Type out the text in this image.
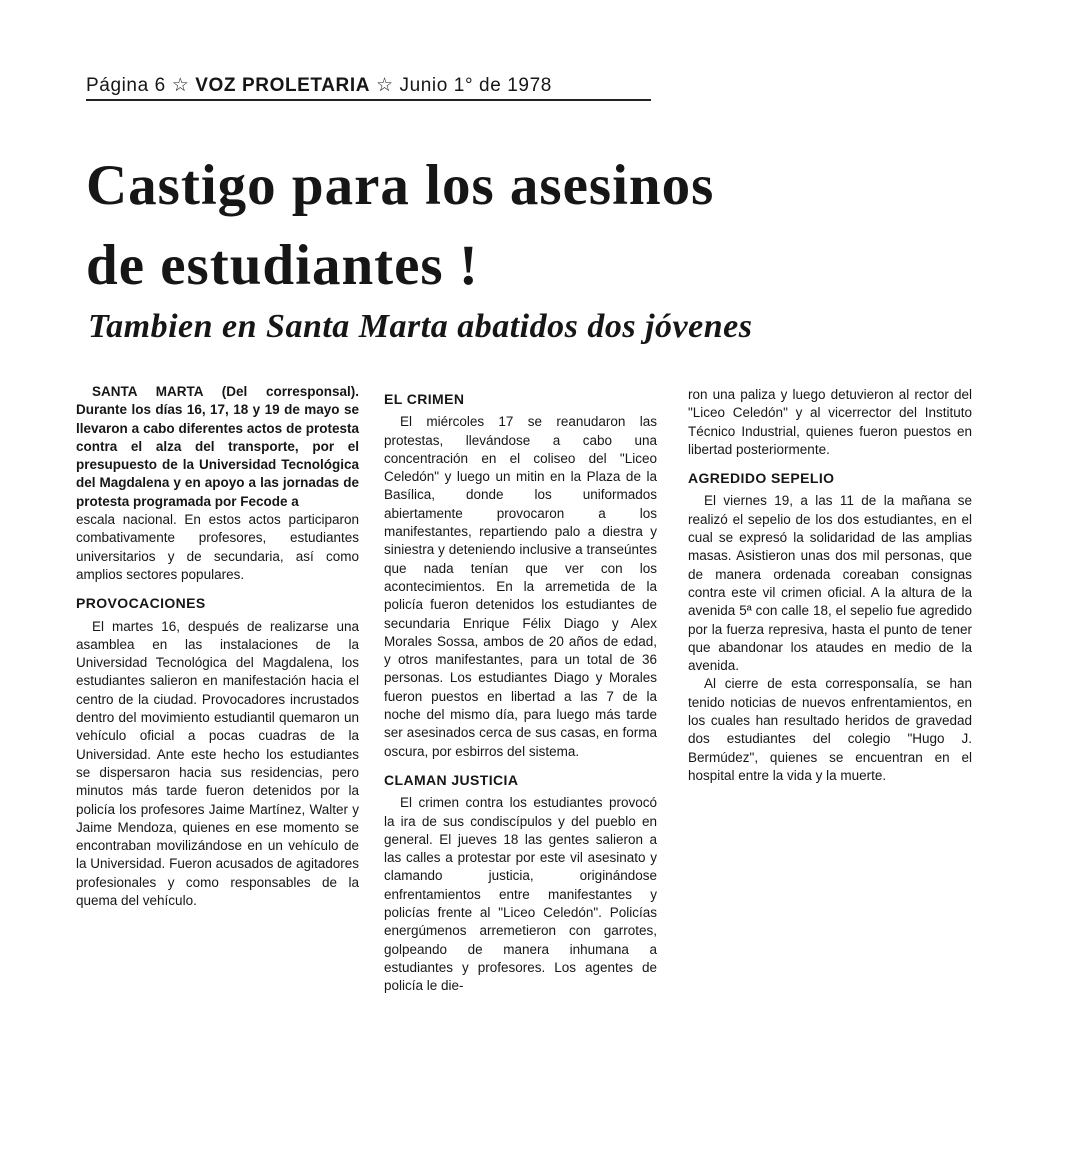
Página 6 ☆ VOZ PROLETARIA ☆ Junio 1° de 1978
Castigo para los asesinos
de estudiantes !
Tambien en Santa Marta abatidos dos jóvenes

SANTA MARTA (Del corresponsal). Durante los días 16, 17, 18 y 19 de mayo se llevaron a cabo diferentes actos de protesta contra el alza del transporte, por el presupuesto de la Universidad Tecnológica del Magdalena y en apoyo a las jornadas de protesta programada por Fecode a

escala nacional. En estos actos participaron combativamente profesores, estudiantes universitarios y de secundaria, así como amplios sectores populares.

PROVOCACIONES

El martes 16, después de realizarse una asamblea en las instalaciones de la Universidad Tecnológica del Magdalena, los estudiantes salieron en manifestación hacia el centro de la ciudad. Provocadores incrustados dentro del movimiento estudiantil quemaron un vehículo oficial a pocas cuadras de la Universidad. Ante este hecho los estudiantes se dispersaron hacia sus residencias, pero minutos más tarde fueron detenidos por la policía los profesores Jaime Martínez, Walter y Jaime Mendoza, quienes en ese momento se encontraban movilizándose en un vehículo de la Universidad. Fueron acusados de agitadores profesionales y como responsables de la quema del vehículo.

EL CRIMEN

El miércoles 17 se reanudaron las protestas, llevándose a cabo una concentración en el coliseo del "Liceo Celedón" y luego un mitin en la Plaza de la Basílica, donde los uniformados abiertamente provocaron a los manifestantes, repartiendo palo a diestra y siniestra y deteniendo inclusive a transeúntes que nada tenían que ver con los acontecimientos. En la arremetida de la policía fueron detenidos los estudiantes de secundaria Enrique Félix Diago y Alex Morales Sossa, ambos de 20 años de edad, y otros manifestantes, para un total de 36 personas. Los estudiantes Diago y Morales fueron puestos en libertad a las 7 de la noche del mismo día, para luego más tarde ser asesinados cerca de sus casas, en forma oscura, por esbirros del sistema.

CLAMAN JUSTICIA

El crimen contra los estudiantes provocó la ira de sus condiscípulos y del pueblo en general. El jueves 18 las gentes salieron a las calles a protestar por este vil asesinato y clamando justicia, originándose enfrentamientos entre manifestantes y policías frente al "Liceo Celedón". Policías energúmenos arremetieron con garrotes, golpeando de manera inhumana a estudiantes y profesores. Los agentes de policía le die-

ron una paliza y luego detuvieron al rector del "Liceo Celedón" y al vicerrector del Instituto Técnico Industrial, quienes fueron puestos en libertad posteriormente.

AGREDIDO SEPELIO

El viernes 19, a las 11 de la mañana se realizó el sepelio de los dos estudiantes, en el cual se expresó la solidaridad de las amplias masas. Asistieron unas dos mil personas, que de manera ordenada coreaban consignas contra este vil crimen oficial. A la altura de la avenida 5ª con calle 18, el sepelio fue agredido por la fuerza represiva, hasta el punto de tener que abandonar los ataudes en medio de la avenida.

Al cierre de esta corresponsalía, se han tenido noticias de nuevos enfrentamientos, en los cuales han resultado heridos de gravedad dos estudiantes del colegio "Hugo J. Bermúdez", quienes se encuentran en el hospital entre la vida y la muerte.
